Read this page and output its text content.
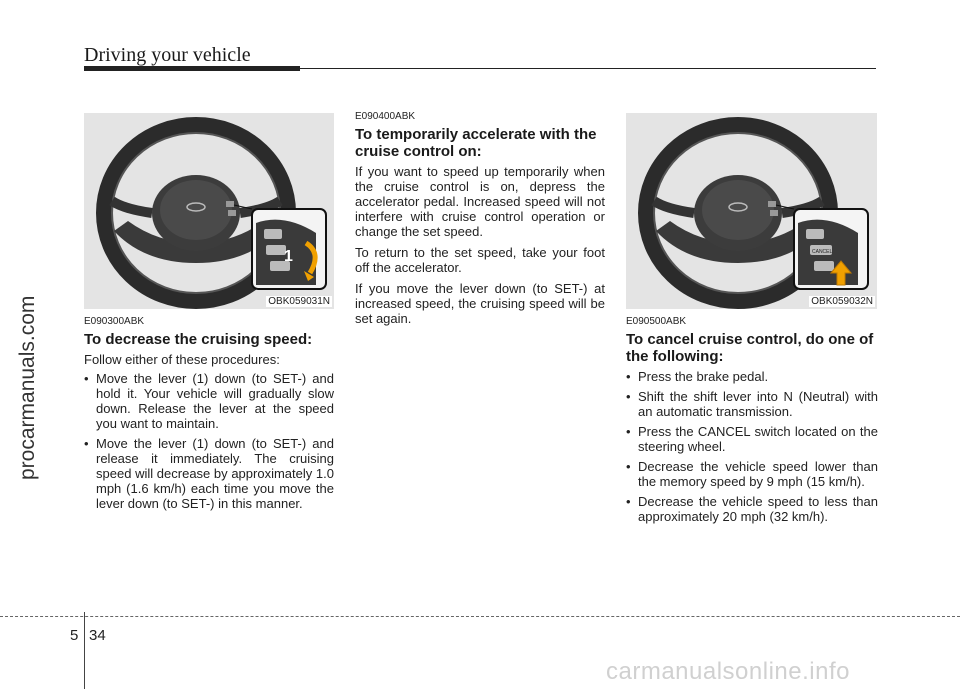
Driving your vehicle
procarmanuals.com
1
OBK059031N
E090300ABK
To decrease the cruising speed:

Follow either of these procedures:

• Move the lever (1) down (to SET-) and hold it. Your vehicle will gradually slow down. Release the lever at the speed you want to maintain.
• Move the lever (1) down (to SET-) and release it immediately. The cruising speed will decrease by approximately 1.0 mph (1.6 km/h) each time you move the lever down (to SET-) in this manner.
E090400ABK
To temporarily accelerate with the cruise control on:

If you want to speed up temporarily when the cruise control is on, depress the accelerator pedal. Increased speed will not interfere with cruise control operation or change the set speed.

To return to the set speed, take your foot off the accelerator.

If you move the lever down (to SET-) at increased speed, the cruising speed will be set again.

CANCEL
OBK059032N
E090500ABK
To cancel cruise control, do one of the following:
• Press the brake pedal.
• Shift the shift lever into N (Neutral) with an automatic transmission.
• Press the CANCEL switch located on the steering wheel.
• Decrease the vehicle speed lower than the memory speed by 9 mph (15 km/h).
• Decrease the vehicle speed to less than approximately 20 mph (32 km/h).
5 34
carmanualsonline.info
